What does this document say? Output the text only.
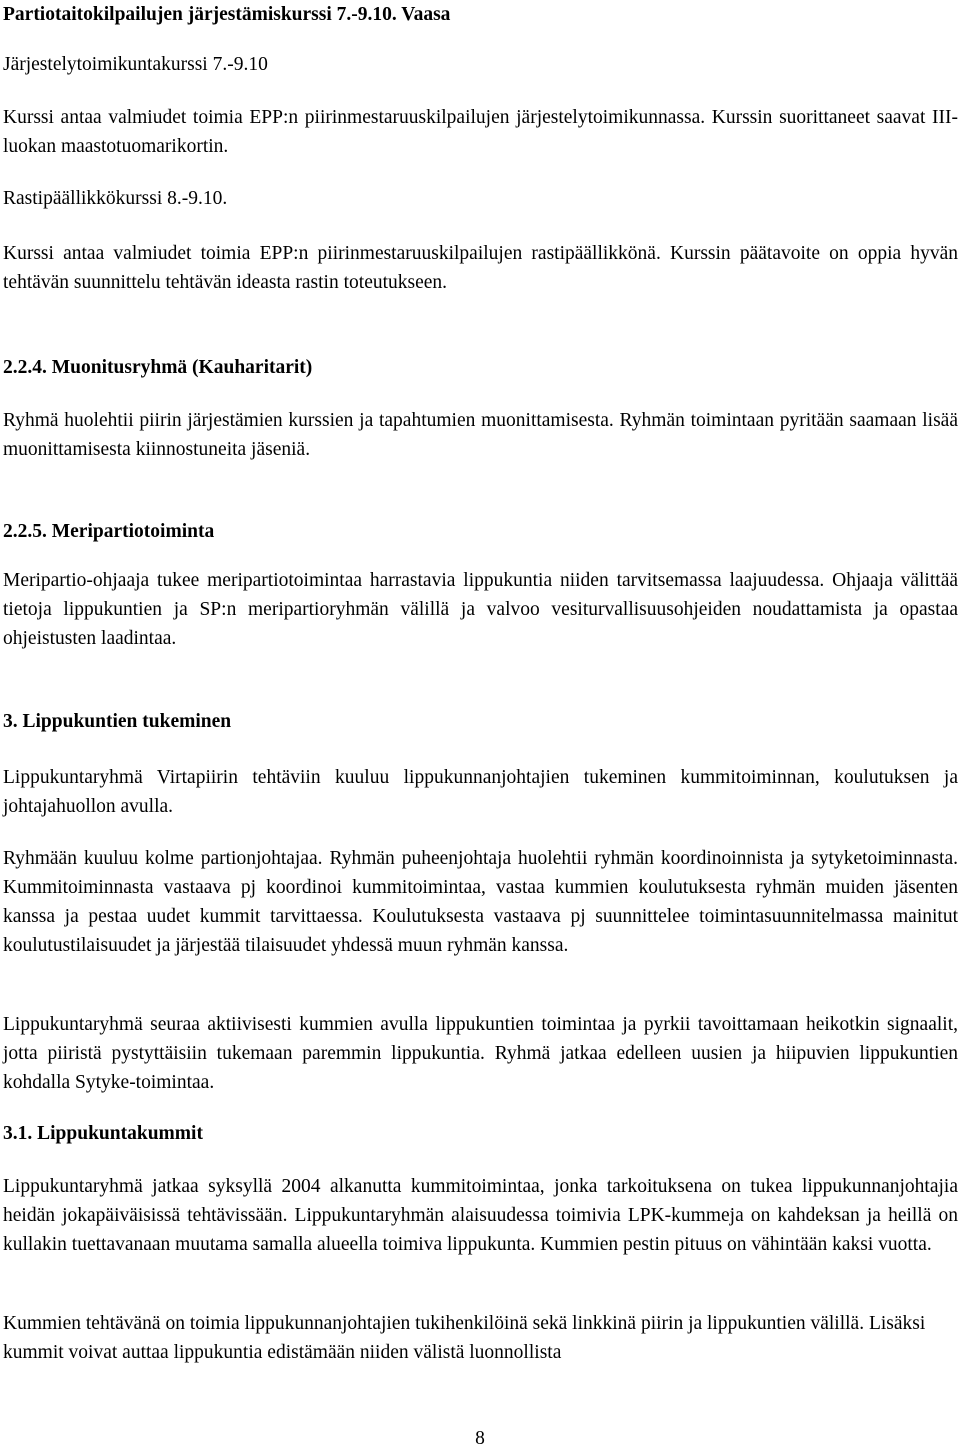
Partiotaitokilpailujen järjestämiskurssi 7.-9.10. Vaasa

Järjestelytoimikuntakurssi 7.-9.10

Kurssi antaa valmiudet toimia EPP:n piirinmestaruuskilpailujen järjestelytoimikunnassa. Kurssin suorittaneet saavat III-luokan maastotuomarikortin.

Rastipäällikkökurssi 8.-9.10.

Kurssi antaa valmiudet toimia EPP:n piirinmestaruuskilpailujen rastipäällikkönä. Kurssin päätavoite on oppia hyvän tehtävän suunnittelu tehtävän ideasta rastin toteutukseen.

2.2.4. Muonitusryhmä (Kauharitarit)

Ryhmä huolehtii piirin järjestämien kurssien ja tapahtumien muonittamisesta. Ryhmän toimintaan pyritään saamaan lisää muonittamisesta kiinnostuneita jäseniä.

2.2.5. Meripartiotoiminta

Meripartio-ohjaaja tukee meripartiotoimintaa harrastavia lippukuntia niiden tarvitsemassa laajuudessa. Ohjaaja välittää tietoja lippukuntien ja SP:n meripartioryhmän välillä ja valvoo vesiturvallisuusohjeiden noudattamista ja opastaa ohjeistusten laadintaa.

3. Lippukuntien tukeminen

Lippukuntaryhmä Virtapiirin tehtäviin kuuluu lippukunnanjohtajien tukeminen kummitoiminnan, koulutuksen ja johtajahuollon avulla.

Ryhmään kuuluu kolme partionjohtajaa. Ryhmän puheenjohtaja huolehtii ryhmän koordinoinnista ja sytyketoiminnasta. Kummitoiminnasta vastaava pj koordinoi kummitoimintaa, vastaa kummien koulutuksesta ryhmän muiden jäsenten kanssa ja pestaa uudet kummit tarvittaessa. Koulutuksesta vastaava pj suunnittelee toimintasuunnitelmassa mainitut koulutustilaisuudet ja järjestää tilaisuudet yhdessä muun ryhmän kanssa.

Lippukuntaryhmä seuraa aktiivisesti kummien avulla lippukuntien toimintaa ja pyrkii tavoittamaan heikotkin signaalit, jotta piiristä pystyttäisiin tukemaan paremmin lippukuntia. Ryhmä jatkaa edelleen uusien ja hiipuvien lippukuntien kohdalla Sytyke-toimintaa.

3.1. Lippukuntakummit

Lippukuntaryhmä jatkaa syksyllä 2004 alkanutta kummitoimintaa, jonka tarkoituksena on tukea lippukunnanjohtajia heidän jokapäiväisissä tehtävissään. Lippukuntaryhmän alaisuudessa toimivia LPK-kummeja on kahdeksan ja heillä on kullakin tuettavanaan muutama samalla alueella toimiva lippukunta. Kummien pestin pituus on vähintään kaksi vuotta.

Kummien tehtävänä on toimia lippukunnanjohtajien tukihenkilöinä sekä linkkinä piirin ja lippukuntien välillä. Lisäksi kummit voivat auttaa lippukuntia edistämään niiden välistä luonnollista

8
